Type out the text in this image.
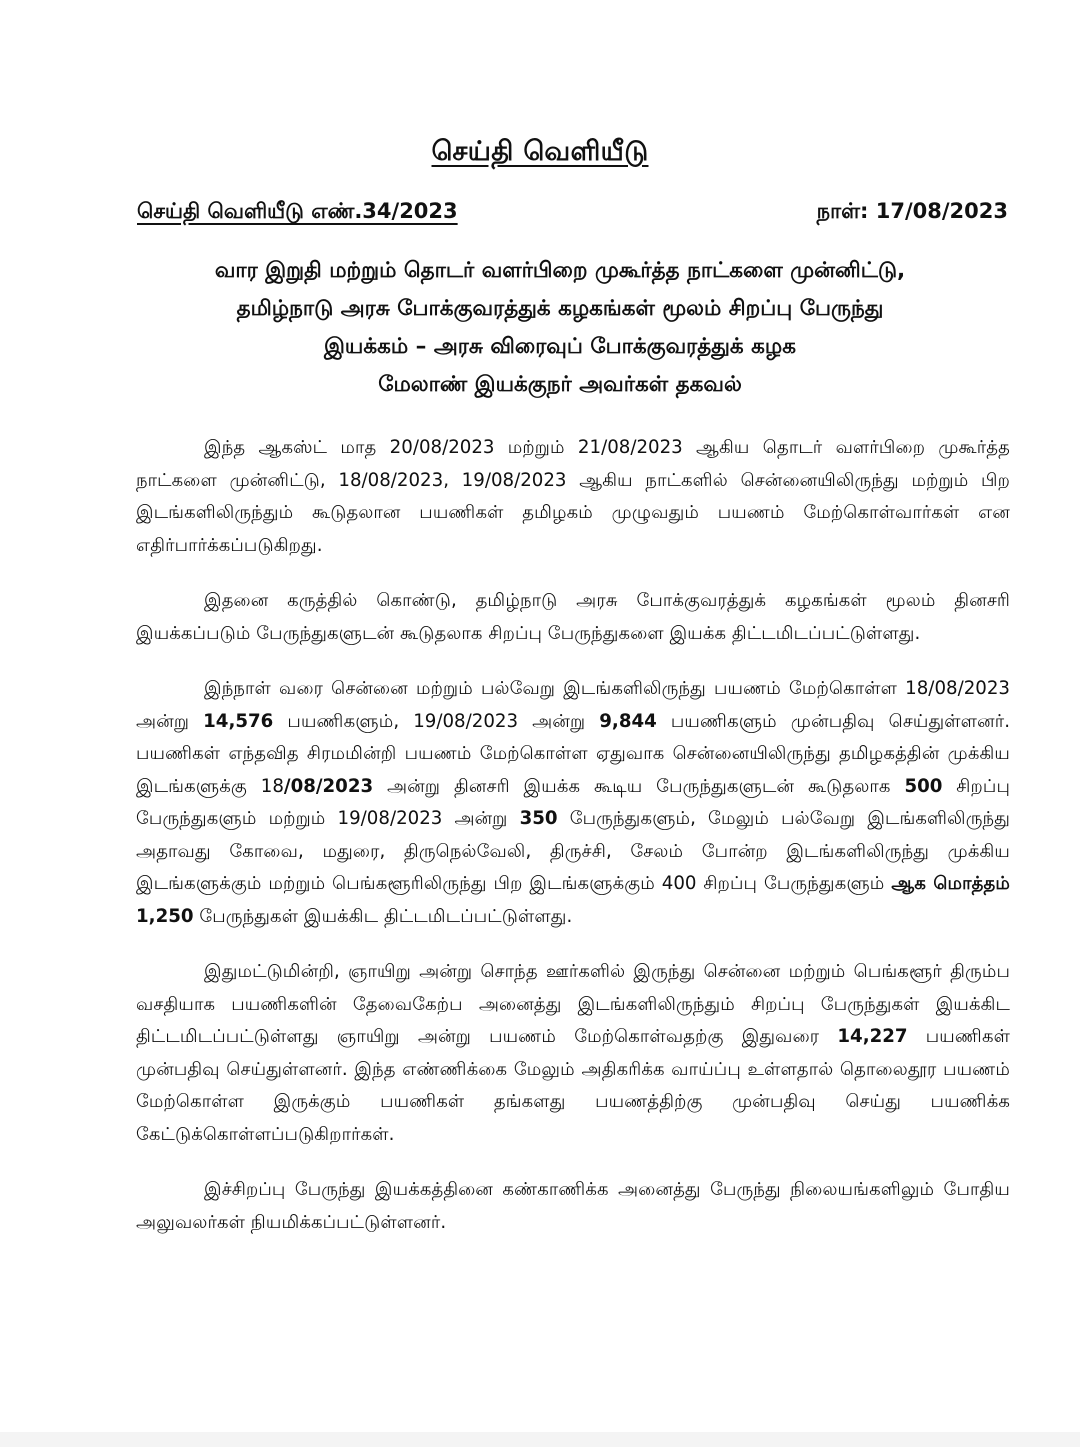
செய்தி வெளியீடு
செய்தி வெளியீடு எண்.34/2023	நாள்: 17/08/2023
வார இறுதி மற்றும் தொடர் வளர்பிறை முகூர்த்த நாட்களை முன்னிட்டு,
தமிழ்நாடு அரசு போக்குவரத்துக் கழகங்கள் மூலம் சிறப்பு பேருந்து
இயக்கம் – அரசு விரைவுப் போக்குவரத்துக் கழக
மேலாண் இயக்குநர் அவர்கள் தகவல்

இந்த ஆகஸ்ட் மாத 20/08/2023 மற்றும் 21/08/2023 ஆகிய தொடர் வளர்பிறை முகூர்த்த நாட்களை முன்னிட்டு, 18/08/2023, 19/08/2023 ஆகிய நாட்களில் சென்னையிலிருந்து மற்றும் பிற இடங்களிலிருந்தும் கூடுதலான பயணிகள் தமிழகம் முழுவதும் பயணம் மேற்கொள்வார்கள் என எதிர்பார்க்கப்படுகிறது.

இதனை கருத்தில் கொண்டு, தமிழ்நாடு அரசு போக்குவரத்துக் கழகங்கள் மூலம் தினசரி இயக்கப்படும் பேருந்துகளுடன் கூடுதலாக சிறப்பு பேருந்துகளை இயக்க திட்டமிடப்பட்டுள்ளது.

இந்நாள் வரை சென்னை மற்றும் பல்வேறு இடங்களிலிருந்து பயணம் மேற்கொள்ள 18/08/2023 அன்று 14,576 பயணிகளும், 19/08/2023 அன்று 9,844 பயணிகளும் முன்பதிவு செய்துள்ளனர். பயணிகள் எந்தவித சிரமமின்றி பயணம் மேற்கொள்ள ஏதுவாக சென்னையிலிருந்து தமிழகத்தின் முக்கிய இடங்களுக்கு 18/08/2023 அன்று தினசரி இயக்க கூடிய பேருந்துகளுடன் கூடுதலாக 500 சிறப்பு பேருந்துகளும் மற்றும் 19/08/2023 அன்று 350 பேருந்துகளும், மேலும் பல்வேறு இடங்களிலிருந்து அதாவது கோவை, மதுரை, திருநெல்வேலி, திருச்சி, சேலம் போன்ற இடங்களிலிருந்து முக்கிய இடங்களுக்கும் மற்றும் பெங்களூரிலிருந்து பிற இடங்களுக்கும் 400 சிறப்பு பேருந்துகளும் ஆக மொத்தம் 1,250 பேருந்துகள் இயக்கிட திட்டமிடப்பட்டுள்ளது.

இதுமட்டுமின்றி, ஞாயிறு அன்று சொந்த ஊர்களில் இருந்து சென்னை மற்றும் பெங்களூர் திரும்ப வசதியாக பயணிகளின் தேவைகேற்ப அனைத்து இடங்களிலிருந்தும் சிறப்பு பேருந்துகள் இயக்கிட திட்டமிடப்பட்டுள்ளது ஞாயிறு அன்று பயணம் மேற்கொள்வதற்கு இதுவரை 14,227 பயணிகள் முன்பதிவு செய்துள்ளனர். இந்த எண்ணிக்கை மேலும் அதிகரிக்க வாய்ப்பு உள்ளதால் தொலைதூர பயணம் மேற்கொள்ள இருக்கும் பயணிகள் தங்களது பயணத்திற்கு முன்பதிவு செய்து பயணிக்க கேட்டுக்கொள்ளப்படுகிறார்கள்.

இச்சிறப்பு பேருந்து இயக்கத்தினை கண்காணிக்க அனைத்து பேருந்து நிலையங்களிலும் போதிய அலுவலர்கள் நியமிக்கப்பட்டுள்ளனர்.
